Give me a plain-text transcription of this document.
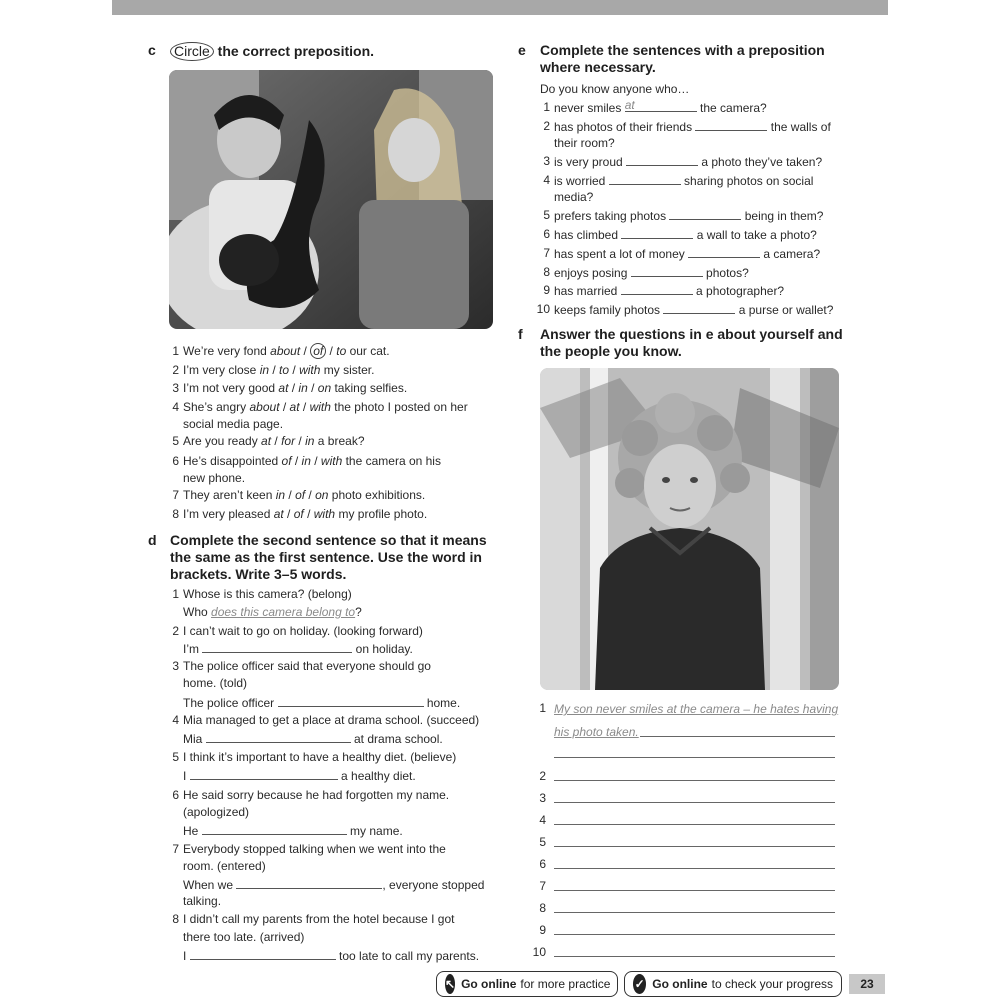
c Circle the correct preposition.
1 We’re very fond about / of / to our cat.
2 I’m very close in / to / with my sister.
3 I’m not very good at / in / on taking selfies.
4 She’s angry about / at / with the photo I posted on her
social media page.
5 Are you ready at / for / in a break?
6 He’s disappointed of / in / with the camera on his
new phone.
7 They aren’t keen in / of / on photo exhibitions.
8 I’m very pleased at / of / with my profile photo.
d Complete the second sentence so that it means the same as the first sentence. Use the word in brackets. Write 3–5 words.
1 Whose is this camera? (belong)
Who does this camera belong to?
2 I can’t wait to go on holiday. (looking forward)
I’m	on holiday.
3 The police officer said that everyone should go
home. (told)
The police officer	home.
4 Mia managed to get a place at drama school. (succeed)
Mia	at drama school.
5 I think it’s important to have a healthy diet. (believe)
I	a healthy diet.
6 He said sorry because he had forgotten my name.
(apologized)
He	my name.
7 Everybody stopped talking when we went into the
room. (entered)
When we	, everyone stopped
talking.
8 I didn’t call my parents from the hotel because I got
there too late. (arrived)
I	too late to call my parents.
e Complete the sentences with a preposition
where necessary.
Do you know anyone who…
1 never smiles at	the camera?
2 has photos of their friends	the walls of
their room?
3 is very proud	a photo they’ve taken?
4 is worried	sharing photos on social
media?
5 prefers taking photos	being in them?
6 has climbed	a wall to take a photo?
7 has spent a lot of money	a camera?
8 enjoys posing	photos?
9 has married	a photographer?
10 keeps family photos	a purse or wallet?
f Answer the questions in e about yourself and
the people you know.
My son never smiles at the camera – he hates having
his photo taken.
1
2
3
4
5
6
7
8
9
10
↖ Go online for more practice ✓ Go online to check your progress	23
